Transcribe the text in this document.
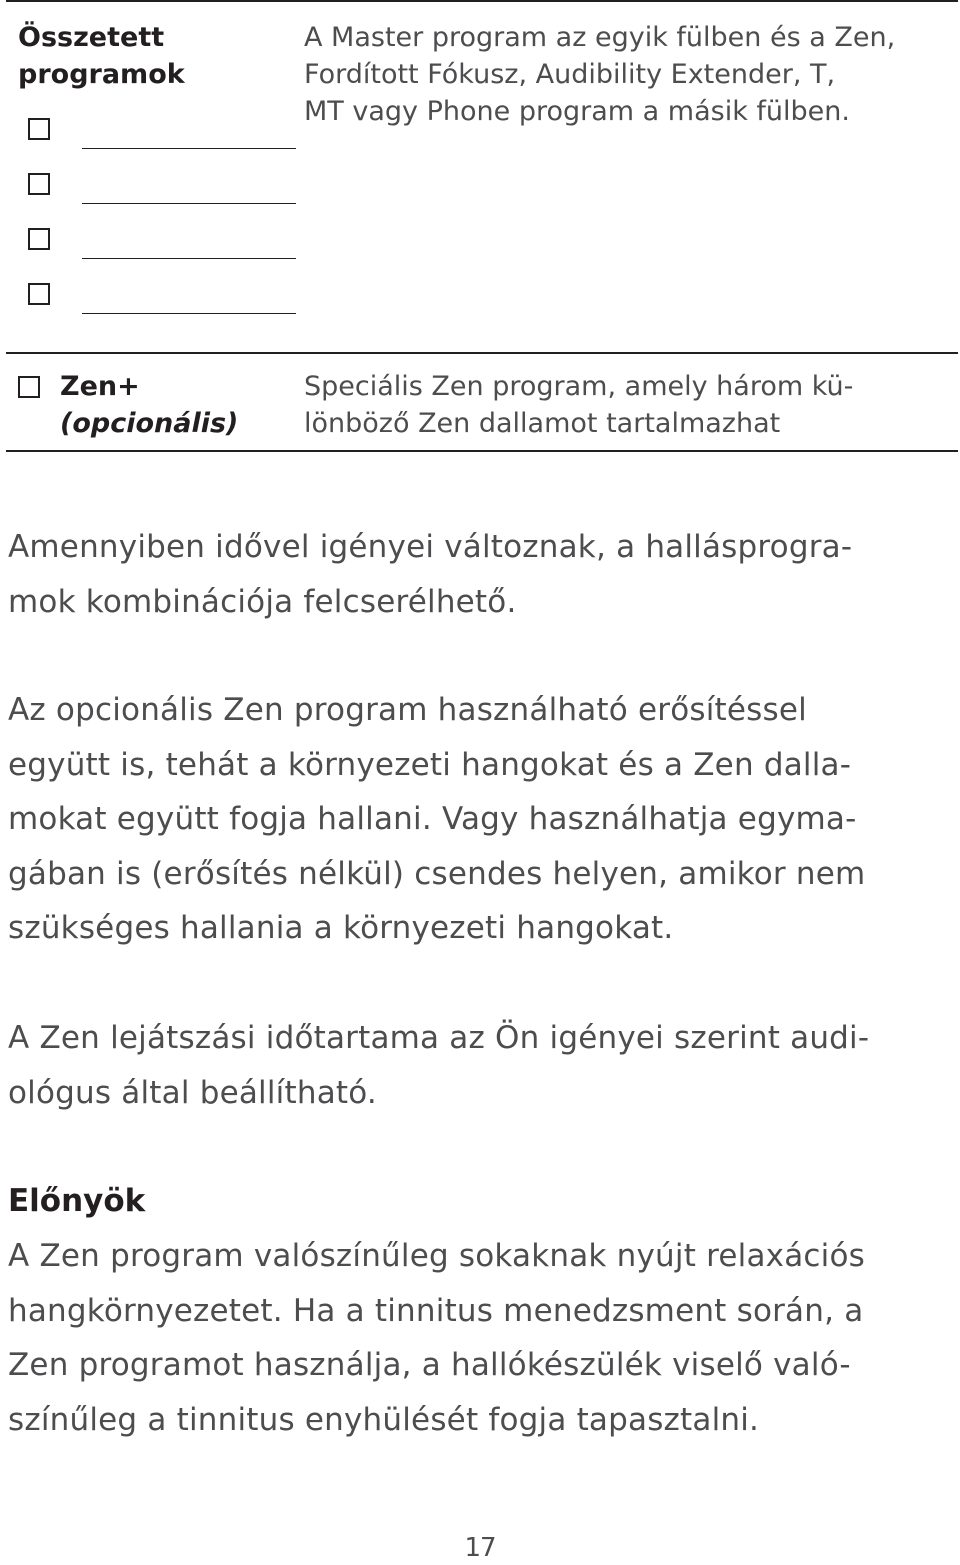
Összetett
programok
A Master program az egyik fülben és a Zen,
Fordított Fókusz, Audibility Extender, T,
MT vagy Phone program a másik fülben.
Zen+
(opcionális)
Speciális Zen program, amely három kü-
lönböző Zen dallamot tartalmazhat
Amennyiben idővel igényei változnak, a hallásprogra-
mok kombinációja felcserélhető.
Az opcionális Zen program használható erősítéssel
együtt is, tehát a környezeti hangokat és a Zen dalla-
mokat együtt fogja hallani. Vagy használhatja egyma-
gában is (erősítés nélkül) csendes helyen, amikor nem
szükséges hallania a környezeti hangokat.
A Zen lejátszási időtartama az Ön igényei szerint audi-
ológus által beállítható.
Előnyök
A Zen program valószínűleg sokaknak nyújt relaxációs
hangkörnyezetet. Ha a tinnitus menedzsment során, a
Zen programot használja, a hallókészülék viselő való-
színűleg a tinnitus enyhülését fogja tapasztalni.
17
